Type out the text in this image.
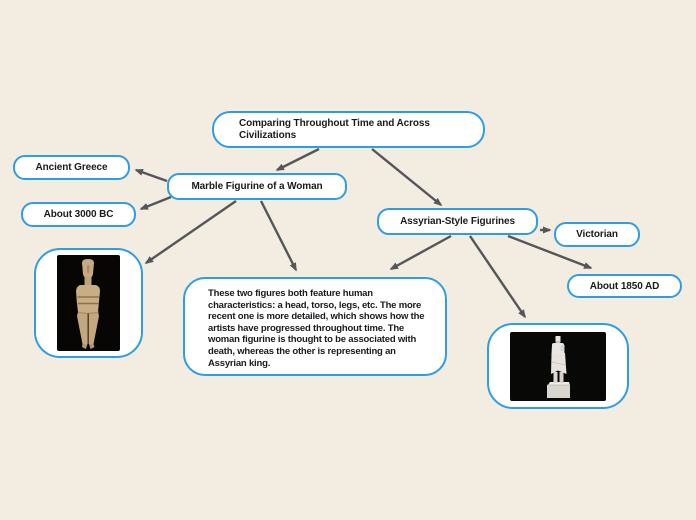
Comparing Throughout Time and Across Civilizations
Marble Figurine of a Woman
Ancient Greece
About 3000 BC
Assyrian-Style Figurines
Victorian
About 1850 AD
These two figures both feature human characteristics: a head, torso, legs, etc. The more recent one is more detailed, which shows how the artists have progressed throughout time. The woman figurine is thought to be associated with death, whereas the other is representing an Assyrian king.
